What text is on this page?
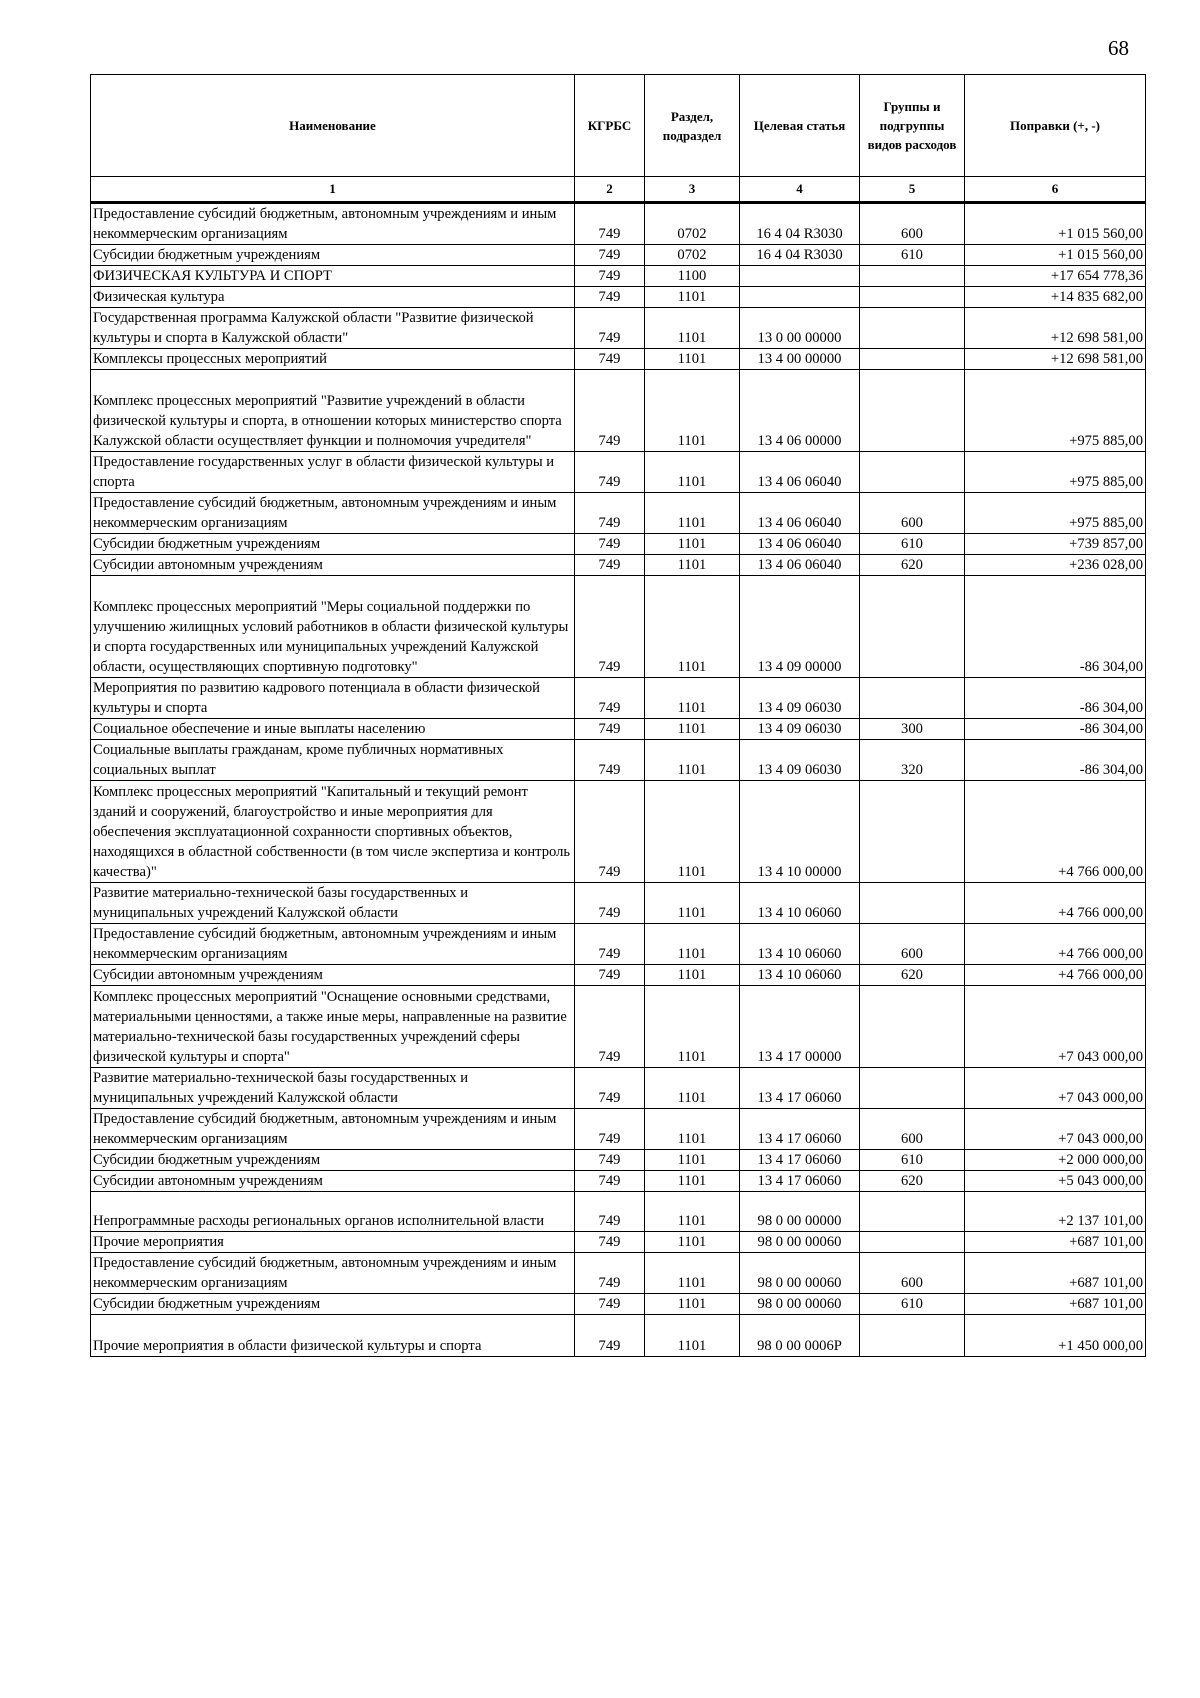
68
Наименование	КГРБС	Раздел, подраздел	Целевая статья	Группы и подгруппы видов расходов	Поправки (+, -)
1	2	3	4	5	6
Предоставление субсидий бюджетным, автономным учреждениям и иным некоммерческим организациям	749	0702	16 4 04 R3030	600	+1 015 560,00
Субсидии бюджетным учреждениям	749	0702	16 4 04 R3030	610	+1 015 560,00
ФИЗИЧЕСКАЯ КУЛЬТУРА И СПОРТ	749	1100			+17 654 778,36
Физическая культура	749	1101			+14 835 682,00
Государственная программа Калужской области "Развитие физической культуры и спорта в Калужской области"	749	1101	13 0 00 00000		+12 698 581,00
Комплексы процессных мероприятий	749	1101	13 4 00 00000		+12 698 581,00
Комплекс процессных мероприятий "Развитие учреждений в области физической культуры и спорта, в отношении которых министерство спорта Калужской области осуществляет функции и полномочия учредителя"	749	1101	13 4 06 00000		+975 885,00
Предоставление государственных услуг в области физической культуры и спорта	749	1101	13 4 06 06040		+975 885,00
Предоставление субсидий бюджетным, автономным учреждениям и иным некоммерческим организациям	749	1101	13 4 06 06040	600	+975 885,00
Субсидии бюджетным учреждениям	749	1101	13 4 06 06040	610	+739 857,00
Субсидии автономным учреждениям	749	1101	13 4 06 06040	620	+236 028,00
Комплекс процессных мероприятий "Меры социальной поддержки по улучшению жилищных условий работников в области физической культуры и спорта государственных или муниципальных учреждений Калужской области, осуществляющих спортивную подготовку"	749	1101	13 4 09 00000		-86 304,00
Мероприятия по развитию кадрового потенциала в области физической культуры и спорта	749	1101	13 4 09 06030		-86 304,00
Социальное обеспечение и иные выплаты населению	749	1101	13 4 09 06030	300	-86 304,00
Социальные выплаты гражданам, кроме публичных нормативных социальных выплат	749	1101	13 4 09 06030	320	-86 304,00
Комплекс процессных мероприятий "Капитальный и текущий ремонт зданий и сооружений, благоустройство и иные мероприятия для обеспечения эксплуатационной сохранности спортивных объектов, находящихся в областной собственности (в том числе экспертиза и контроль качества)"	749	1101	13 4 10 00000		+4 766 000,00
Развитие материально-технической базы государственных и муниципальных учреждений Калужской области	749	1101	13 4 10 06060		+4 766 000,00
Предоставление субсидий бюджетным, автономным учреждениям и иным некоммерческим организациям	749	1101	13 4 10 06060	600	+4 766 000,00
Субсидии автономным учреждениям	749	1101	13 4 10 06060	620	+4 766 000,00
Комплекс процессных мероприятий "Оснащение основными средствами, материальными ценностями, а также иные меры, направленные на развитие материально-технической базы государственных учреждений сферы физической культуры и спорта"	749	1101	13 4 17 00000		+7 043 000,00
Развитие материально-технической базы государственных и муниципальных учреждений Калужской области	749	1101	13 4 17 06060		+7 043 000,00
Предоставление субсидий бюджетным, автономным учреждениям и иным некоммерческим организациям	749	1101	13 4 17 06060	600	+7 043 000,00
Субсидии бюджетным учреждениям	749	1101	13 4 17 06060	610	+2 000 000,00
Субсидии автономным учреждениям	749	1101	13 4 17 06060	620	+5 043 000,00
Непрограммные расходы региональных органов исполнительной власти	749	1101	98 0 00 00000		+2 137 101,00
Прочие мероприятия	749	1101	98 0 00 00060		+687 101,00
Предоставление субсидий бюджетным, автономным учреждениям и иным некоммерческим организациям	749	1101	98 0 00 00060	600	+687 101,00
Субсидии бюджетным учреждениям	749	1101	98 0 00 00060	610	+687 101,00
Прочие мероприятия в области физической культуры и спорта	749	1101	98 0 00 0006P		+1 450 000,00
